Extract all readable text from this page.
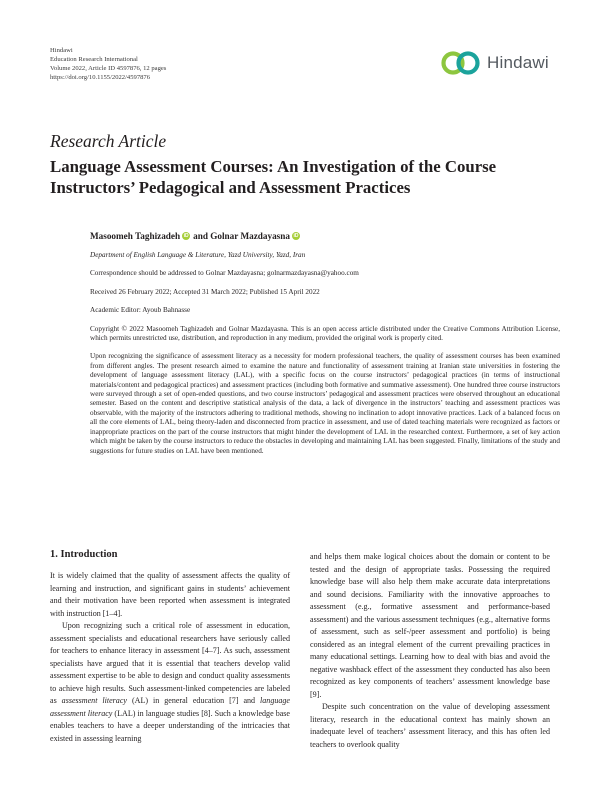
Hindawi
Education Research International
Volume 2022, Article ID 4597876, 12 pages
https://doi.org/10.1155/2022/4597876
Hindawi
Research Article
Language Assessment Courses: An Investigation of the Course Instructors’ Pedagogical and Assessment Practices
Masoomeh Taghizadeh iD and
Golnar Mazdayasna iD
Department of English Language & Literature, Yazd University, Yazd, Iran
Correspondence should be addressed to Golnar Mazdayasna; golnarmazdayasna@yahoo.com
Received 26 February 2022; Accepted 31 March 2022; Published 15 April 2022
Academic Editor: Ayoub Bahnasse
Copyright © 2022 Masoomeh Taghizadeh and Golnar Mazdayasna. This is an open access article distributed under the Creative Commons Attribution License, which permits unrestricted use, distribution, and reproduction in any medium, provided the original work is properly cited.
Upon recognizing the significance of assessment literacy as a necessity for modern professional teachers, the quality of assessment courses has been examined from different angles. The present research aimed to examine the nature and functionality of assessment training at Iranian state universities in fostering the development of language assessment literacy (LAL), with a specific focus on the course instructors’ pedagogical practices (in terms of instructional materials/content and pedagogical practices) and assessment practices (including both formative and summative assessment). One hundred three course instructors were surveyed through a set of open-ended questions, and two course instructors’ pedagogical and assessment practices were observed throughout an educational semester. Based on the content and descriptive statistical analysis of the data, a lack of divergence in the instructors’ teaching and assessment practices was observable, with the majority of the instructors adhering to traditional methods, showing no inclination to adopt innovative practices. Lack of a balanced focus on all the core elements of LAL, being theory-laden and disconnected from practice in assessment, and use of dated teaching materials were recognized as factors or inappropriate practices on the part of the course instructors that might hinder the development of LAL in the researched context. Furthermore, a set of key action which might be taken by the course instructors to reduce the obstacles in developing and maintaining LAL has been suggested. Finally, limitations of the study and suggestions for future studies on LAL have been mentioned.
1. Introduction

It is widely claimed that the quality of assessment affects the quality of learning and instruction, and significant gains in students’ achievement and their motivation have been reported when assessment is integrated with instruction [1–4].

Upon recognizing such a critical role of assessment in education, assessment specialists and educational researchers have seriously called for teachers to enhance literacy in assessment [4–7]. As such, assessment specialists have argued that it is essential that teachers develop valid assessment expertise to be able to design and conduct quality assessments to achieve high results. Such assessment-linked competencies are labeled as assessment literacy (AL) in general education [7] and language assessment literacy (LAL) in language studies [8]. Such a knowledge base enables teachers to have a deeper understanding of the intricacies that existed in assessing learning

and helps them make logical choices about the domain or content to be tested and the design of appropriate tasks. Possessing the required knowledge base will also help them make accurate data interpretations and sound decisions. Familiarity with the innovative approaches to assessment (e.g., formative assessment and performance-based assessment) and the various assessment techniques (e.g., alternative forms of assessment, such as self-/peer assessment and portfolio) is being considered as an integral element of the current prevailing practices in many educational settings. Learning how to deal with bias and avoid the negative washback effect of the assessment they conducted has also been recognized as key components of teachers’ assessment knowledge base [9].

Despite such concentration on the value of developing assessment literacy, research in the educational context has mainly shown an inadequate level of teachers’ assessment literacy, and this has often led teachers to overlook quality
